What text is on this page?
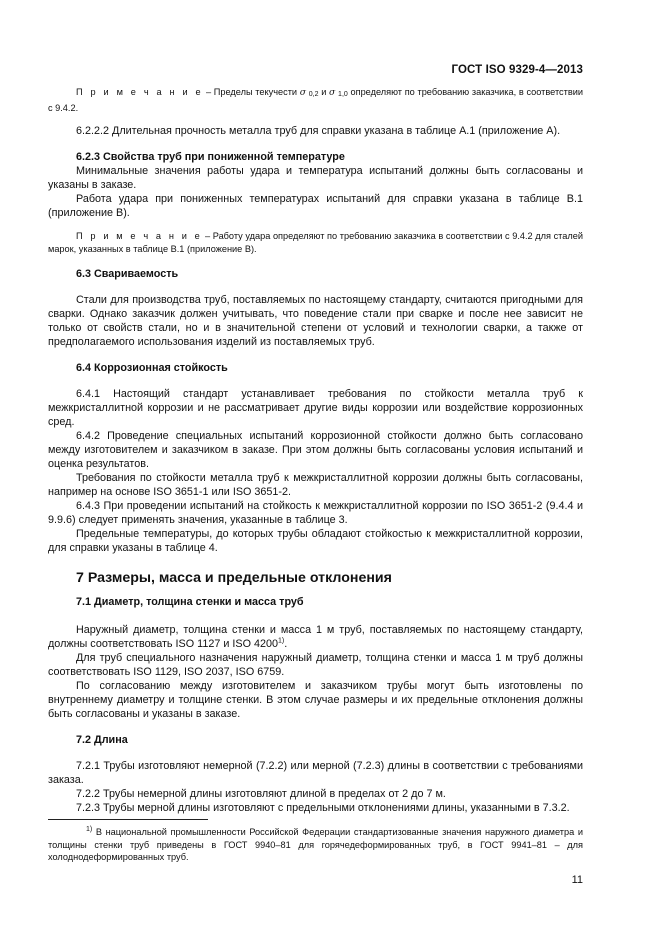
ГОСТ ISO 9329-4—2013

П р и м е ч а н и е – Пределы текучести σ 0,2 и σ 1,0 определяют по требованию заказчика, в соответствии с 9.4.2.

6.2.2.2 Длительная прочность металла труб для справки указана в таблице А.1 (приложение А).

6.2.3 Свойства труб при пониженной температуре

Минимальные значения работы удара и температура испытаний должны быть согласованы и указаны в заказе.

Работа удара при пониженных температурах испытаний для справки указана в таблице В.1 (приложение В).

П р и м е ч а н и е – Работу удара определяют по требованию заказчика в соответствии с 9.4.2 для сталей марок, указанных в таблице В.1 (приложение В).

6.3 Свариваемость

Стали для производства труб, поставляемых по настоящему стандарту, считаются пригодными для сварки. Однако заказчик должен учитывать, что поведение стали при сварке и после нее зависит не только от свойств стали, но и в значительной степени от условий и технологии сварки, а также от предполагаемого использования изделий из поставляемых труб.

6.4 Коррозионная стойкость

6.4.1 Настоящий стандарт устанавливает требования по стойкости металла труб к межкристаллитной коррозии и не рассматривает другие виды коррозии или воздействие коррозионных сред.

6.4.2 Проведение специальных испытаний коррозионной стойкости должно быть согласовано между изготовителем и заказчиком в заказе. При этом должны быть согласованы условия испытаний и оценка результатов.

Требования по стойкости металла труб к межкристаллитной коррозии должны быть согласованы, например на основе ISO 3651-1 или ISO 3651-2.

6.4.3 При проведении испытаний на стойкость к межкристаллитной коррозии по ISO 3651-2 (9.4.4 и 9.9.6) следует применять значения, указанные в таблице 3.

Предельные температуры, до которых трубы обладают стойкостью к межкристаллитной коррозии, для справки указаны в таблице 4.

7 Размеры, масса и предельные отклонения

7.1 Диаметр, толщина стенки и масса труб

Наружный диаметр, толщина стенки и масса 1 м труб, поставляемых по настоящему стандарту, должны соответствовать ISO 1127 и ISO 4200$^{1)}$.

Для труб специального назначения наружный диаметр, толщина стенки и масса 1 м труб должны соответствовать ISO 1129, ISO 2037, ISO 6759.

По согласованию между изготовителем и заказчиком трубы могут быть изготовлены по внутреннему диаметру и толщине стенки. В этом случае размеры и их предельные отклонения должны быть согласованы и указаны в заказе.

7.2 Длина

7.2.1 Трубы изготовляют немерной (7.2.2) или мерной (7.2.3) длины в соответствии с требованиями заказа.

7.2.2 Трубы немерной длины изготовляют длиной в пределах от 2 до 7 м.

7.2.3 Трубы мерной длины изготовляют с предельными отклонениями длины, указанными в 7.3.2.

$^{1)}$ В национальной промышленности Российской Федерации стандартизованные значения наружного диаметра и толщины стенки труб приведены в ГОСТ 9940–81 для горячедеформированных труб, в ГОСТ 9941–81 – для холоднодеформированных труб.

11
